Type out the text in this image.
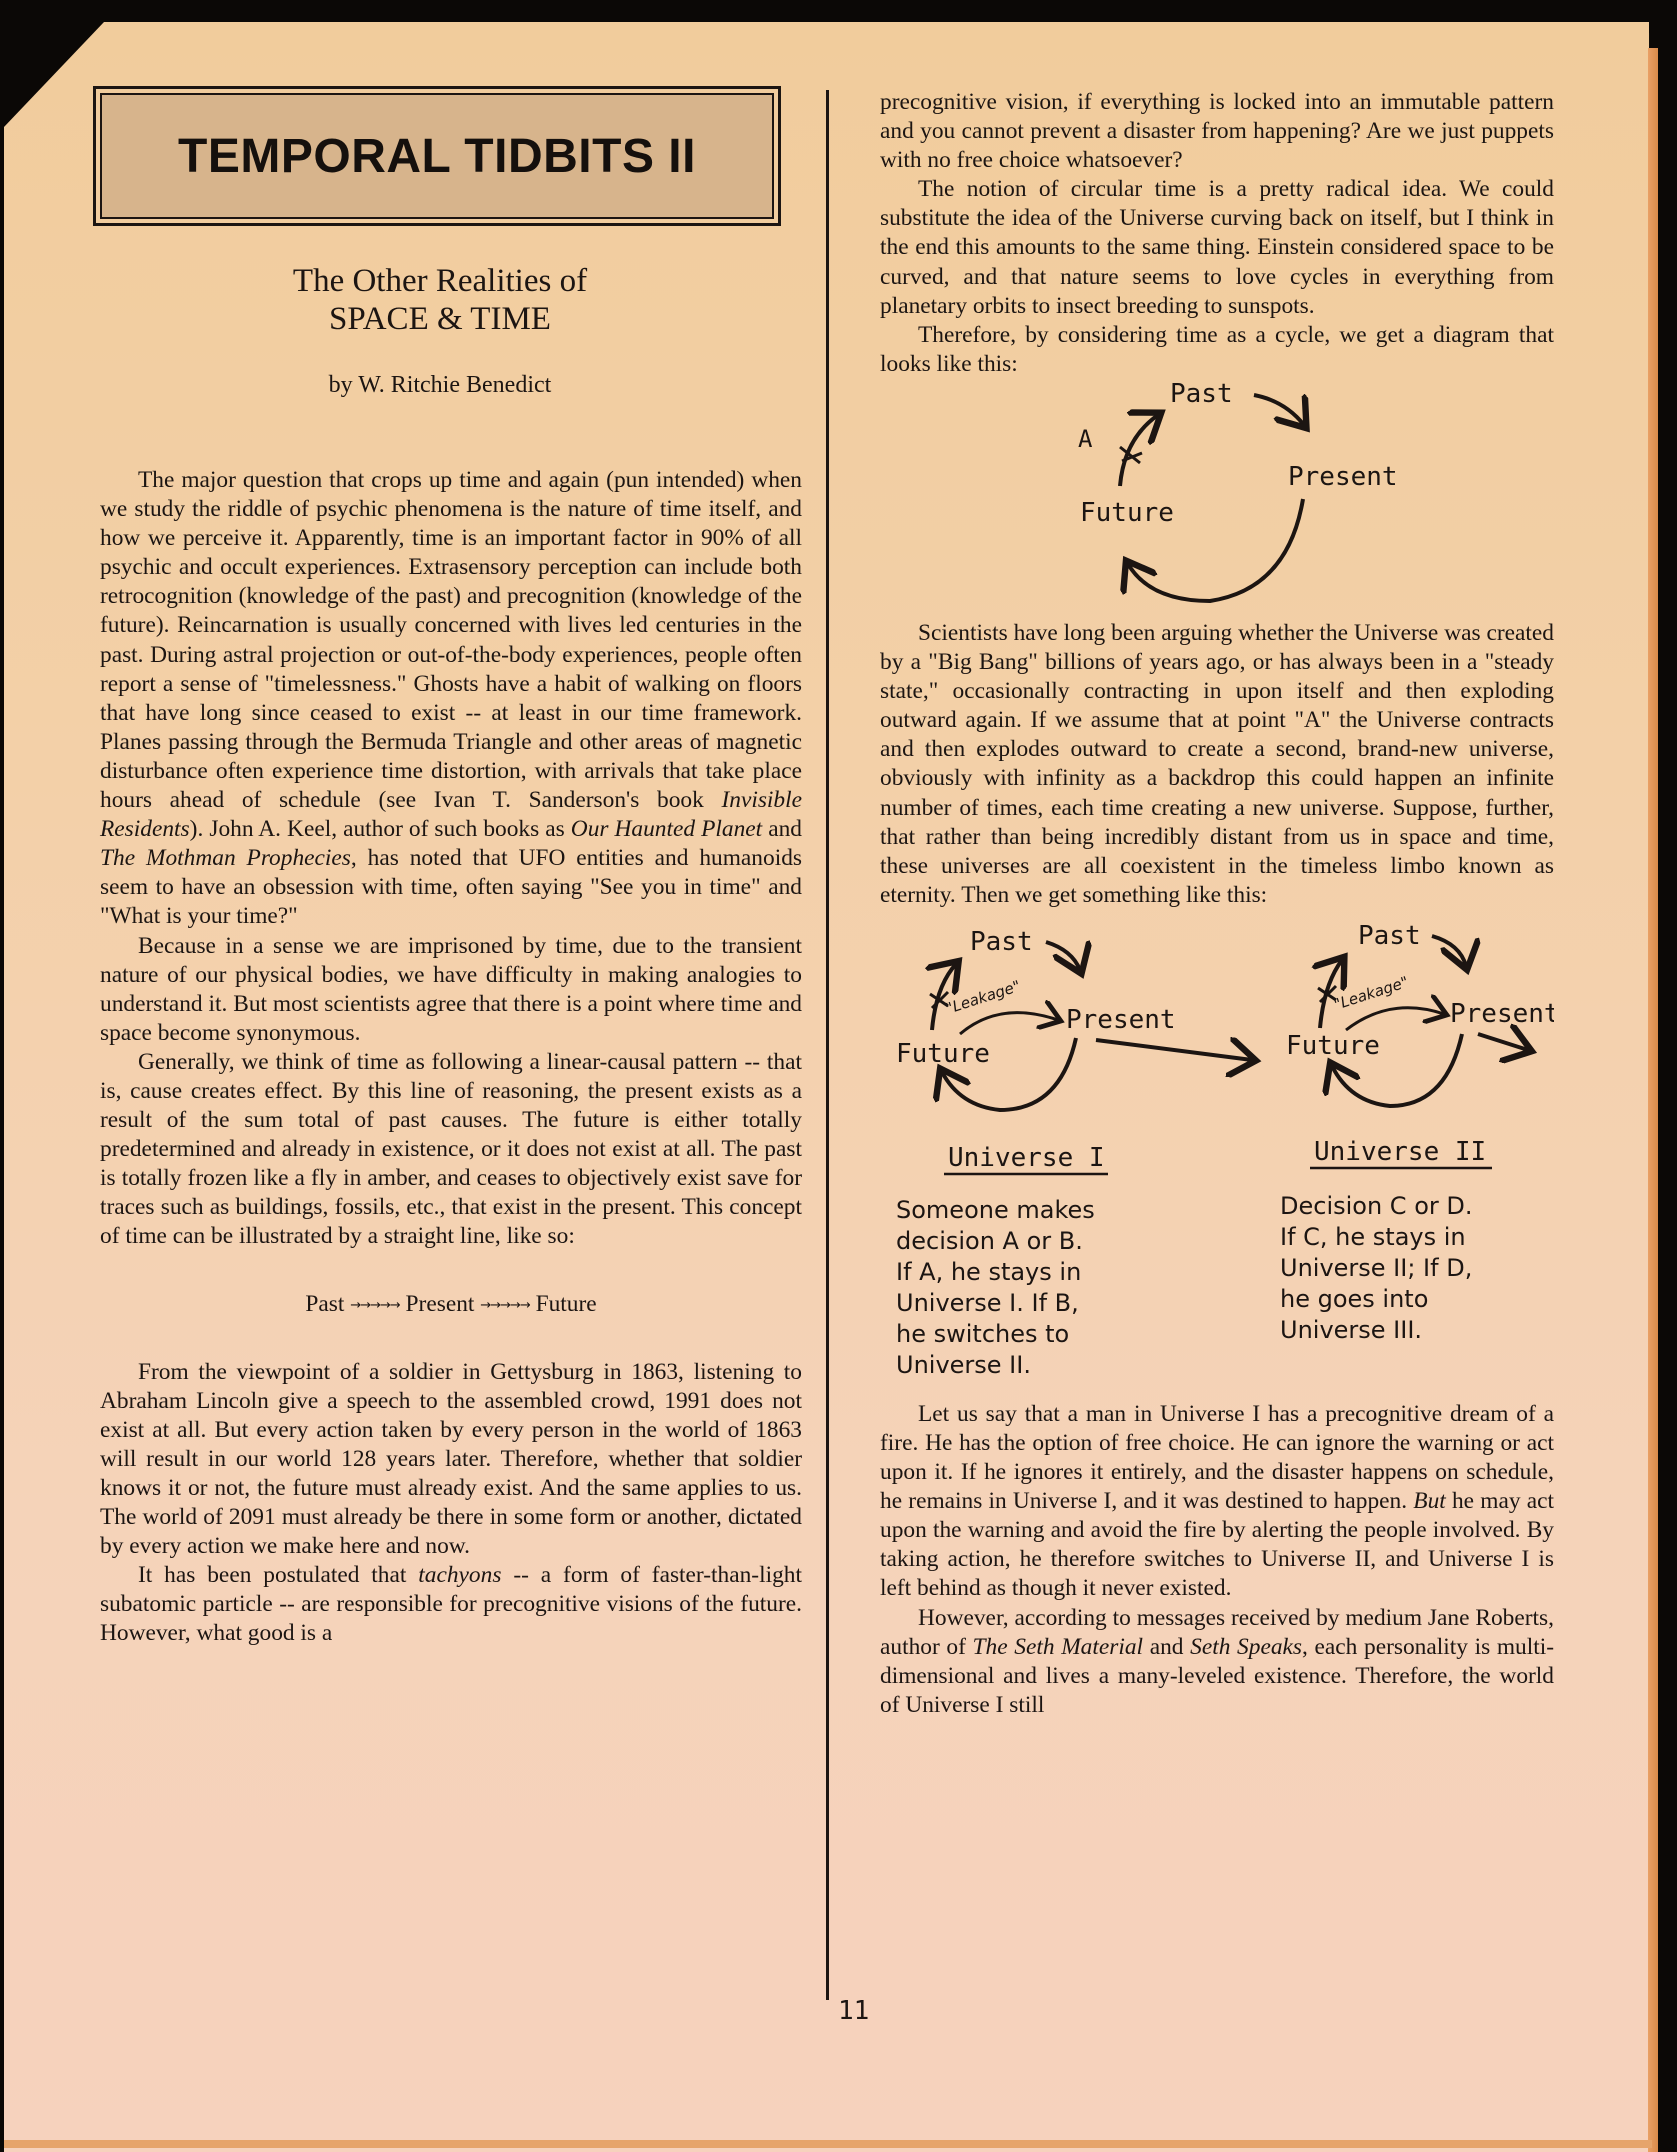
TEMPORAL TIDBITS II
The Other Realities of
SPACE & TIME
by W. Ritchie Benedict

The major question that crops up time and again (pun intended) when we study the riddle of psychic phenomena is the nature of time itself, and how we perceive it. Apparently, time is an important factor in 90% of all psychic and occult experiences. Extrasensory perception can include both retrocognition (knowledge of the past) and precognition (knowledge of the future). Reincarnation is usually concerned with lives led centuries in the past. During astral projection or out-of-the-body experiences, people often report a sense of "timelessness." Ghosts have a habit of walking on floors that have long since ceased to exist -- at least in our time framework. Planes passing through the Bermuda Triangle and other areas of magnetic disturbance often experience time distortion, with arrivals that take place hours ahead of schedule (see Ivan T. Sanderson's book Invisible Residents). John A. Keel, author of such books as Our Haunted Planet and The Mothman Prophecies, has noted that UFO entities and humanoids seem to have an obsession with time, often saying "See you in time" and "What is your time?"

Because in a sense we are imprisoned by time, due to the transient nature of our physical bodies, we have difficulty in making analogies to understand it. But most scientists agree that there is a point where time and space become synonymous.

Generally, we think of time as following a linear-causal pattern -- that is, cause creates effect. By this line of reasoning, the present exists as a result of the sum total of past causes. The future is either totally predetermined and already in existence, or it does not exist at all. The past is totally frozen like a fly in amber, and ceases to objectively exist save for traces such as buildings, fossils, etc., that exist in the present. This concept of time can be illustrated by a straight line, like so:

Past →→→→→ Present →→→→→ Future

From the viewpoint of a soldier in Gettysburg in 1863, listening to Abraham Lincoln give a speech to the assembled crowd, 1991 does not exist at all. But every action taken by every person in the world of 1863 will result in our world 128 years later. Therefore, whether that soldier knows it or not, the future must already exist. And the same applies to us. The world of 2091 must already be there in some form or another, dictated by every action we make here and now.

It has been postulated that tachyons -- a form of faster-than-light subatomic particle -- are responsible for precognitive visions of the future. However, what good is a

precognitive vision, if everything is locked into an immutable pattern and you cannot prevent a disaster from happening? Are we just puppets with no free choice whatsoever?

The notion of circular time is a pretty radical idea. We could substitute the idea of the Universe curving back on itself, but I think in the end this amounts to the same thing. Einstein considered space to be curved, and that nature seems to love cycles in everything from planetary orbits to insect breeding to sunspots.

Therefore, by considering time as a cycle, we get a diagram that looks like this:

Past
A
Present
Future

Scientists have long been arguing whether the Universe was created by a "Big Bang" billions of years ago, or has always been in a "steady state," occasionally contracting in upon itself and then exploding outward again. If we assume that at point "A" the Universe contracts and then explodes outward to create a second, brand-new universe, obviously with infinity as a backdrop this could happen an infinite number of times, each time creating a new universe. Suppose, further, that rather than being incredibly distant from us in space and time, these universes are all coexistent in the timeless limbo known as eternity. Then we get something like this:

Past
Present
Future
"Leakage"
Past
Present
Future
"Leakage"
Universe I	Universe II
Someone makes
decision A or B.
If A, he stays in
Universe I. If B,
he switches to
Universe II.
Decision C or D.
If C, he stays in
Universe II; If D,
he goes into
Universe III.

Let us say that a man in Universe I has a precognitive dream of a fire. He has the option of free choice. He can ignore the warning or act upon it. If he ignores it entirely, and the disaster happens on schedule, he remains in Universe I, and it was destined to happen. But he may act upon the warning and avoid the fire by alerting the people involved. By taking action, he therefore switches to Universe II, and Universe I is left behind as though it never existed.

However, according to messages received by medium Jane Roberts, author of The Seth Material and Seth Speaks, each personality is multi-dimensional and lives a many-leveled existence. Therefore, the world of Universe I still

11
